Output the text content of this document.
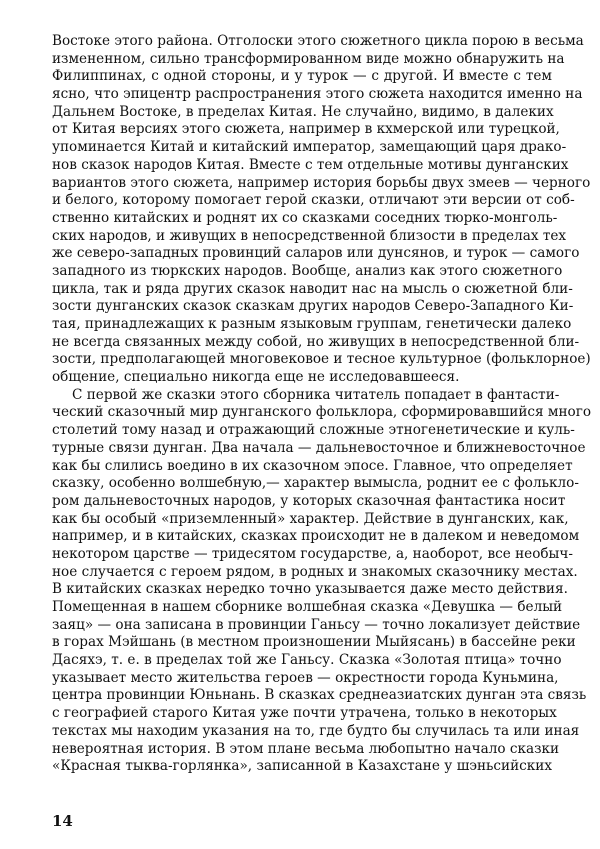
Востоке этого района. Отголоски этого сюжетного цикла порою в весьма
измененном, сильно трансформированном виде можно обнаружить на
Филиппинах, с одной стороны, и у турок — с другой. И вместе с тем
ясно, что эпицентр распространения этого сюжета находится именно на
Дальнем Востоке, в пределах Китая. Не случайно, видимо, в далеких
от Китая версиях этого сюжета, например в кхмерской или турецкой,
упоминается Китай и китайский император, замещающий царя драко-
нов сказок народов Китая. Вместе с тем отдельные мотивы дунганских
вариантов этого сюжета, например история борьбы двух змеев — черного
и белого, которому помогает герой сказки, отличают эти версии от соб-
ственно китайских и роднят их со сказками соседних тюрко-монголь-
ских народов, и живущих в непосредственной близости в пределах тех
же северо-западных провинций саларов или дунсянов, и турок — самого
западного из тюркских народов. Вообще, анализ как этого сюжетного
цикла, так и ряда других сказок наводит нас на мысль о сюжетной бли-
зости дунганских сказок сказкам других народов Северо-Западного Ки-
тая, принадлежащих к разным языковым группам, генетически далеко
не всегда связанных между собой, но живущих в непосредственной бли-
зости, предполагающей многовековое и тесное культурное (фольклорное)
общение, специально никогда еще не исследовавшееся.
С первой же сказки этого сборника читатель попадает в фантасти-
ческий сказочный мир дунганского фольклора, сформировавшийся много
столетий тому назад и отражающий сложные этногенетические и куль-
турные связи дунган. Два начала — дальневосточное и ближневосточное
как бы слились воедино в их сказочном эпосе. Главное, что определяет
сказку, особенно волшебную,— характер вымысла, роднит ее с фолькло-
ром дальневосточных народов, у которых сказочная фантастика носит
как бы особый «приземленный» характер. Действие в дунганских, как,
например, и в китайских, сказках происходит не в далеком и неведомом
некотором царстве — тридесятом государстве, а, наоборот, все необыч-
ное случается с героем рядом, в родных и знакомых сказочнику местах.
В китайских сказках нередко точно указывается даже место действия.
Помещенная в нашем сборнике волшебная сказка «Девушка — белый
заяц» — она записана в провинции Ганьсу — точно локализует действие
в горах Мэйшань (в местном произношении Мыйясань) в бассейне реки
Дасяхэ, т. е. в пределах той же Ганьсу. Сказка «Золотая птица» точно
указывает место жительства героев — окрестности города Куньмина,
центра провинции Юньнань. В сказках среднеазиатских дунган эта связь
с географией старого Китая уже почти утрачена, только в некоторых
текстах мы находим указания на то, где будто бы случилась та или иная
невероятная история. В этом плане весьма любопытно начало сказки
«Красная тыква-горлянка», записанной в Казахстане у шэньсийских
14
